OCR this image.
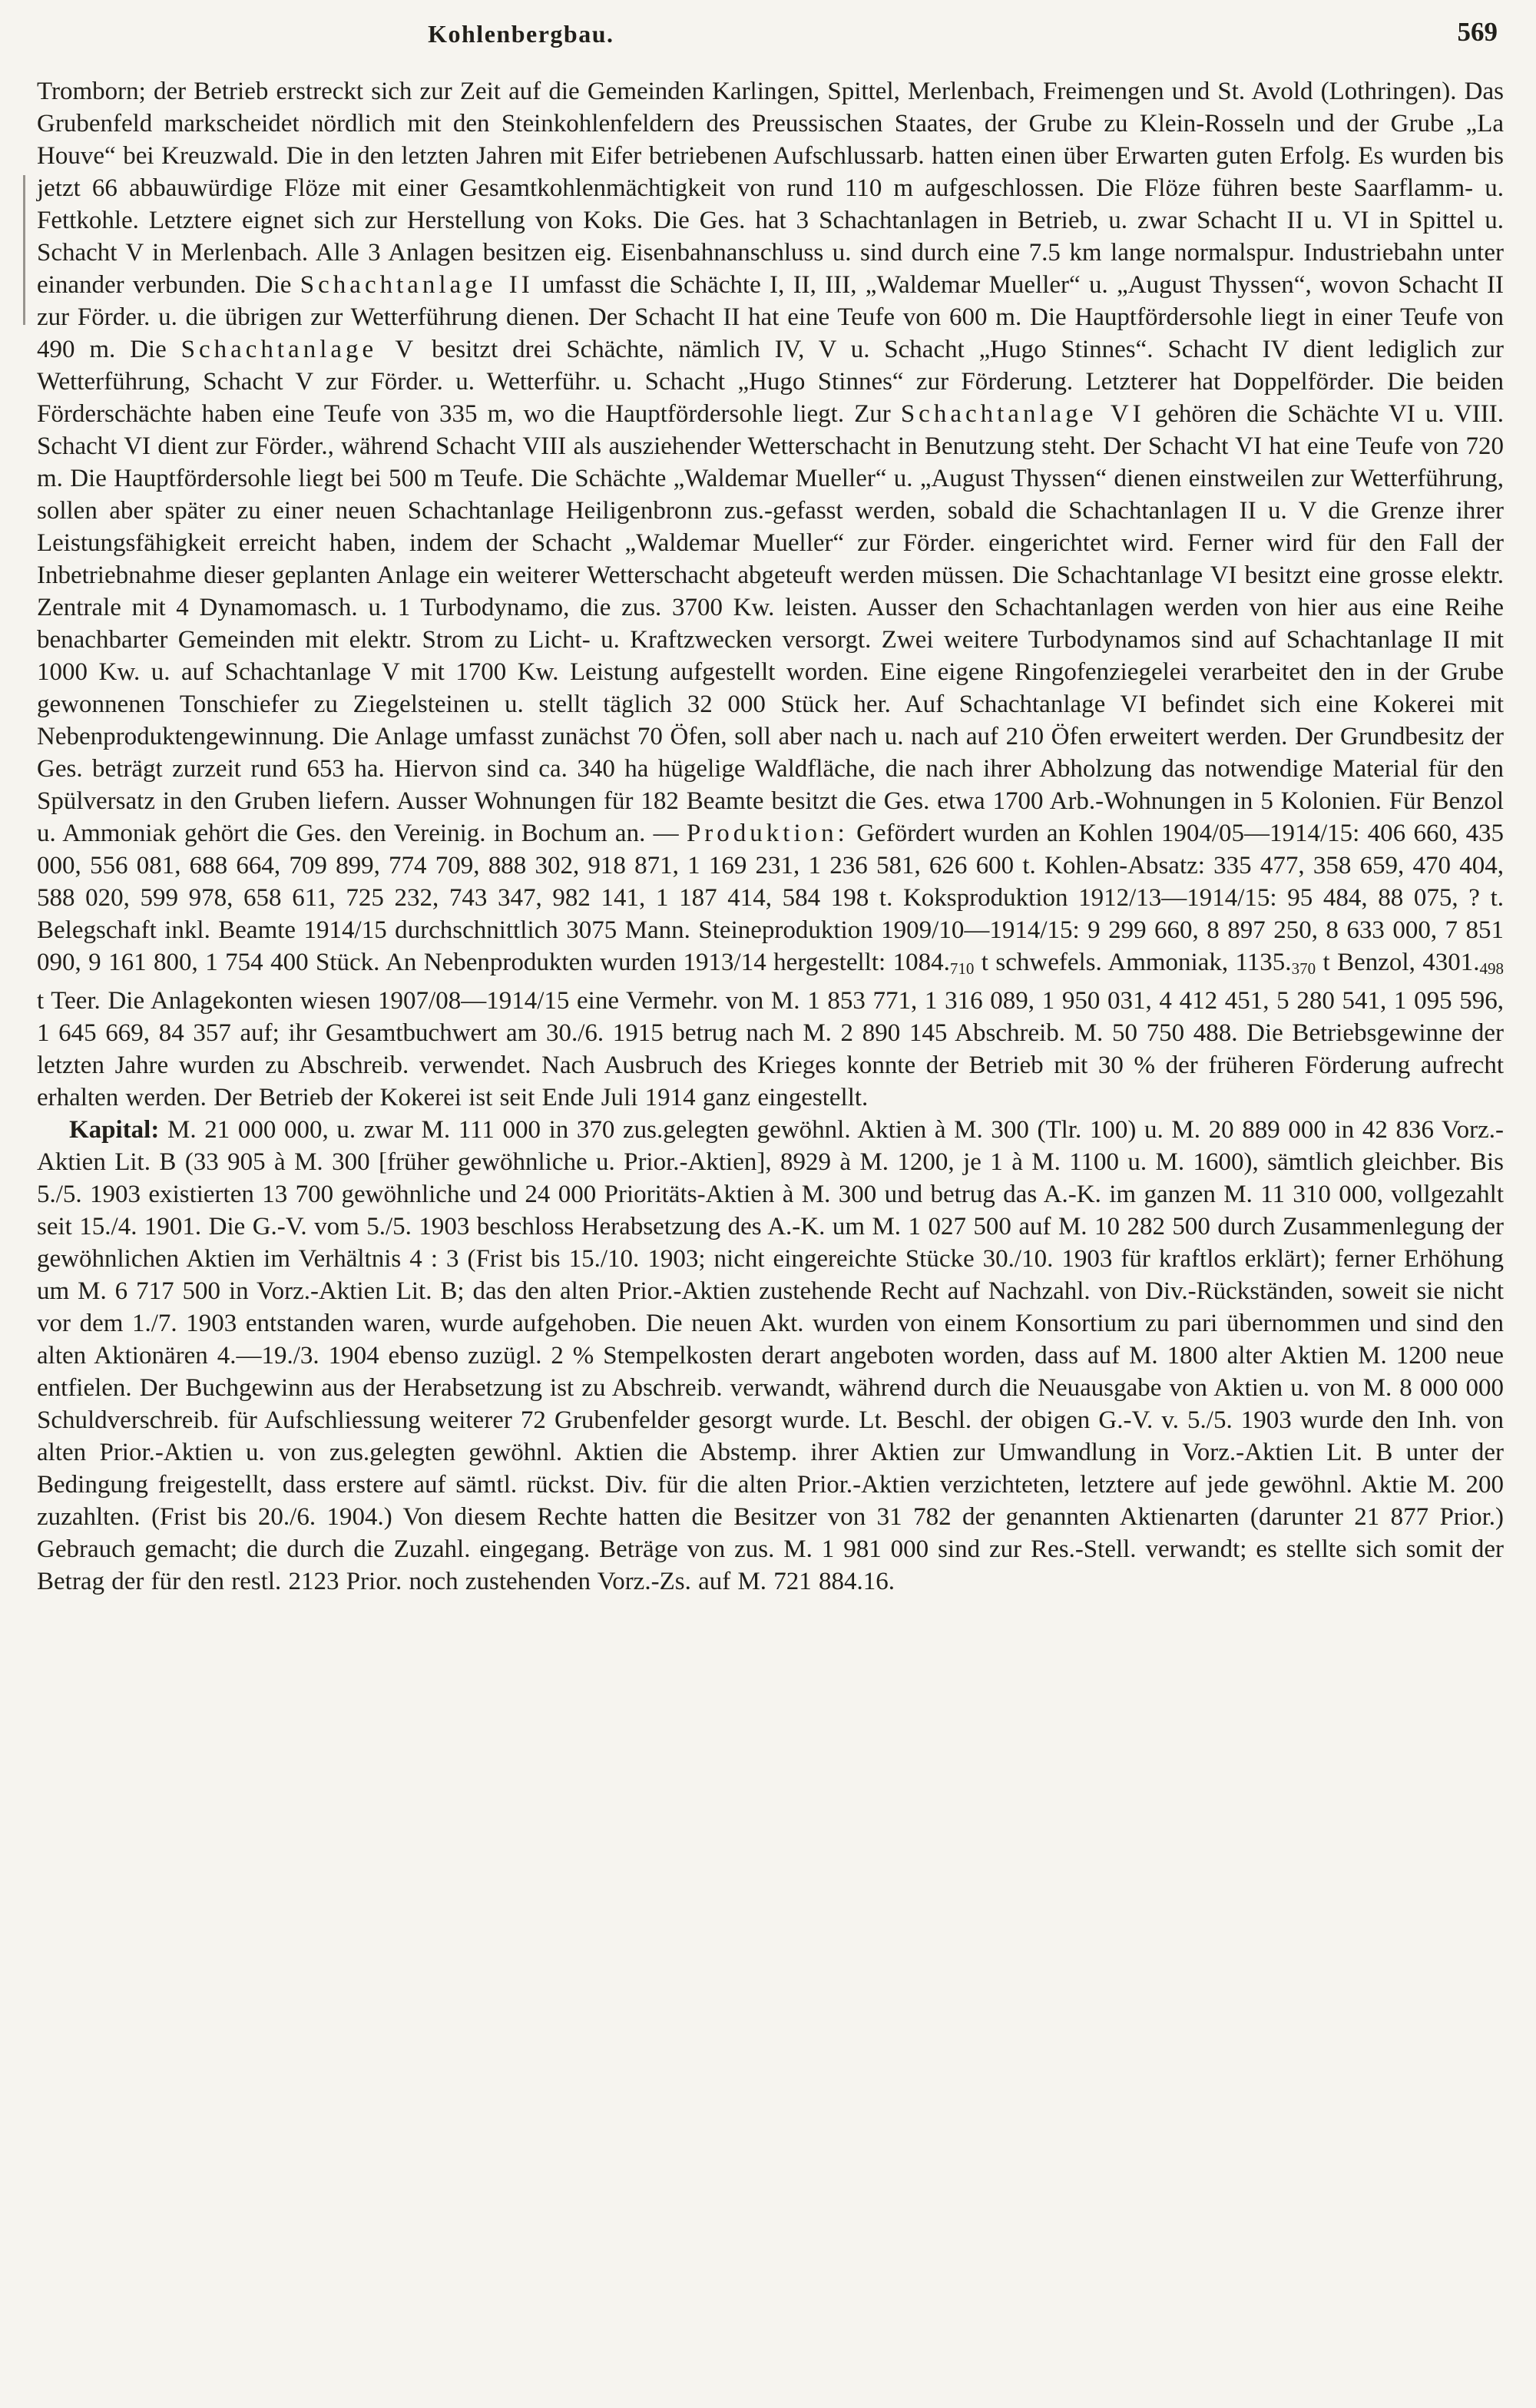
Kohlenbergbau.	569

Tromborn; der Betrieb erstreckt sich zur Zeit auf die Gemeinden Karlingen, Spittel, Merlenbach, Freimengen und St. Avold (Lothringen). Das Grubenfeld markscheidet nördlich mit den Steinkohlenfeldern des Preussischen Staates, der Grube zu Klein-Rosseln und der Grube „La Houve“ bei Kreuzwald. Die in den letzten Jahren mit Eifer betriebenen Aufschlussarb. hatten einen über Erwarten guten Erfolg. Es wurden bis jetzt 66 abbauwürdige Flöze mit einer Gesamtkohlenmächtigkeit von rund 110 m aufgeschlossen. Die Flöze führen beste Saarflamm- u. Fettkohle. Letztere eignet sich zur Herstellung von Koks. Die Ges. hat 3 Schachtanlagen in Betrieb, u. zwar Schacht II u. VI in Spittel u. Schacht V in Merlenbach. Alle 3 Anlagen besitzen eig. Eisenbahnanschluss u. sind durch eine 7.5 km lange normalspur. Industriebahn unter einander verbunden. Die Schachtanlage II umfasst die Schächte I, II, III, „Waldemar Mueller“ u. „August Thyssen“, wovon Schacht II zur Förder. u. die übrigen zur Wetterführung dienen. Der Schacht II hat eine Teufe von 600 m. Die Hauptfördersohle liegt in einer Teufe von 490 m. Die Schachtanlage V besitzt drei Schächte, nämlich IV, V u. Schacht „Hugo Stinnes“. Schacht IV dient lediglich zur Wetterführung, Schacht V zur Förder. u. Wetterführ. u. Schacht „Hugo Stinnes“ zur Förderung. Letzterer hat Doppelförder. Die beiden Förderschächte haben eine Teufe von 335 m, wo die Hauptfördersohle liegt. Zur Schachtanlage VI gehören die Schächte VI u. VIII. Schacht VI dient zur Förder., während Schacht VIII als ausziehender Wetterschacht in Benutzung steht. Der Schacht VI hat eine Teufe von 720 m. Die Hauptfördersohle liegt bei 500 m Teufe. Die Schächte „Waldemar Mueller“ u. „August Thyssen“ dienen einstweilen zur Wetterführung, sollen aber später zu einer neuen Schachtanlage Heiligenbronn zus.-gefasst werden, sobald die Schachtanlagen II u. V die Grenze ihrer Leistungsfähigkeit erreicht haben, indem der Schacht „Waldemar Mueller“ zur Förder. eingerichtet wird. Ferner wird für den Fall der Inbetriebnahme dieser geplanten Anlage ein weiterer Wetterschacht abgeteuft werden müssen. Die Schachtanlage VI besitzt eine grosse elektr. Zentrale mit 4 Dynamomasch. u. 1 Turbodynamo, die zus. 3700 Kw. leisten. Ausser den Schachtanlagen werden von hier aus eine Reihe benachbarter Gemeinden mit elektr. Strom zu Licht- u. Kraftzwecken versorgt. Zwei weitere Turbodynamos sind auf Schachtanlage II mit 1000 Kw. u. auf Schachtanlage V mit 1700 Kw. Leistung aufgestellt worden. Eine eigene Ringofenziegelei verarbeitet den in der Grube gewonnenen Tonschiefer zu Ziegelsteinen u. stellt täglich 32 000 Stück her. Auf Schachtanlage VI befindet sich eine Kokerei mit Nebenproduktengewinnung. Die Anlage umfasst zunächst 70 Öfen, soll aber nach u. nach auf 210 Öfen erweitert werden. Der Grundbesitz der Ges. beträgt zurzeit rund 653 ha. Hiervon sind ca. 340 ha hügelige Waldfläche, die nach ihrer Abholzung das notwendige Material für den Spülversatz in den Gruben liefern. Ausser Wohnungen für 182 Beamte besitzt die Ges. etwa 1700 Arb.-Wohnungen in 5 Kolonien. Für Benzol u. Ammoniak gehört die Ges. den Vereinig. in Bochum an. — Produktion: Gefördert wurden an Kohlen 1904/05—1914/15: 406 660, 435 000, 556 081, 688 664, 709 899, 774 709, 888 302, 918 871, 1 169 231, 1 236 581, 626 600 t. Kohlen-Absatz: 335 477, 358 659, 470 404, 588 020, 599 978, 658 611, 725 232, 743 347, 982 141, 1 187 414, 584 198 t. Koksproduktion 1912/13—1914/15: 95 484, 88 075, ? t. Belegschaft inkl. Beamte 1914/15 durchschnittlich 3075 Mann. Steineproduktion 1909/10—1914/15: 9 299 660, 8 897 250, 8 633 000, 7 851 090, 9 161 800, 1 754 400 Stück. An Nebenprodukten wurden 1913/14 hergestellt: $1084._{710}$ t schwefels. Ammoniak, $1135._{370}$ t Benzol, $4301._{498}$ t Teer. Die Anlagekonten wiesen 1907/08—1914/15 eine Vermehr. von M. 1 853 771, 1 316 089, 1 950 031, 4 412 451, 5 280 541, 1 095 596, 1 645 669, 84 357 auf; ihr Gesamtbuchwert am 30./6. 1915 betrug nach M. 2 890 145 Abschreib. M. 50 750 488. Die Betriebsgewinne der letzten Jahre wurden zu Abschreib. verwendet. Nach Ausbruch des Krieges konnte der Betrieb mit 30 % der früheren Förderung aufrecht erhalten werden. Der Betrieb der Kokerei ist seit Ende Juli 1914 ganz eingestellt.

Kapital: M. 21 000 000, u. zwar M. 111 000 in 370 zus.gelegten gewöhnl. Aktien à M. 300 (Tlr. 100) u. M. 20 889 000 in 42 836 Vorz.-Aktien Lit. B (33 905 à M. 300 [früher gewöhnliche u. Prior.-Aktien], 8929 à M. 1200, je 1 à M. 1100 u. M. 1600), sämtlich gleichber. Bis 5./5. 1903 existierten 13 700 gewöhnliche und 24 000 Prioritäts-Aktien à M. 300 und betrug das A.-K. im ganzen M. 11 310 000, vollgezahlt seit 15./4. 1901. Die G.-V. vom 5./5. 1903 beschloss Herabsetzung des A.-K. um M. 1 027 500 auf M. 10 282 500 durch Zusammenlegung der gewöhnlichen Aktien im Verhältnis 4 : 3 (Frist bis 15./10. 1903; nicht eingereichte Stücke 30./10. 1903 für kraftlos erklärt); ferner Erhöhung um M. 6 717 500 in Vorz.-Aktien Lit. B; das den alten Prior.-Aktien zustehende Recht auf Nachzahl. von Div.-Rückständen, soweit sie nicht vor dem 1./7. 1903 entstanden waren, wurde aufgehoben. Die neuen Akt. wurden von einem Konsortium zu pari übernommen und sind den alten Aktionären 4.—19./3. 1904 ebenso zuzügl. 2 % Stempelkosten derart angeboten worden, dass auf M. 1800 alter Aktien M. 1200 neue entfielen. Der Buchgewinn aus der Herabsetzung ist zu Abschreib. verwandt, während durch die Neuausgabe von Aktien u. von M. 8 000 000 Schuldverschreib. für Aufschliessung weiterer 72 Grubenfelder gesorgt wurde. Lt. Beschl. der obigen G.-V. v. 5./5. 1903 wurde den Inh. von alten Prior.-Aktien u. von zus.gelegten gewöhnl. Aktien die Abstemp. ihrer Aktien zur Umwandlung in Vorz.-Aktien Lit. B unter der Bedingung freigestellt, dass erstere auf sämtl. rückst. Div. für die alten Prior.-Aktien verzichteten, letztere auf jede gewöhnl. Aktie M. 200 zuzahlten. (Frist bis 20./6. 1904.) Von diesem Rechte hatten die Besitzer von 31 782 der genannten Aktienarten (darunter 21 877 Prior.) Gebrauch gemacht; die durch die Zuzahl. eingegang. Beträge von zus. M. 1 981 000 sind zur Res.-Stell. verwandt; es stellte sich somit der Betrag der für den restl. 2123 Prior. noch zustehenden Vorz.-Zs. auf M. 721 884.16.
